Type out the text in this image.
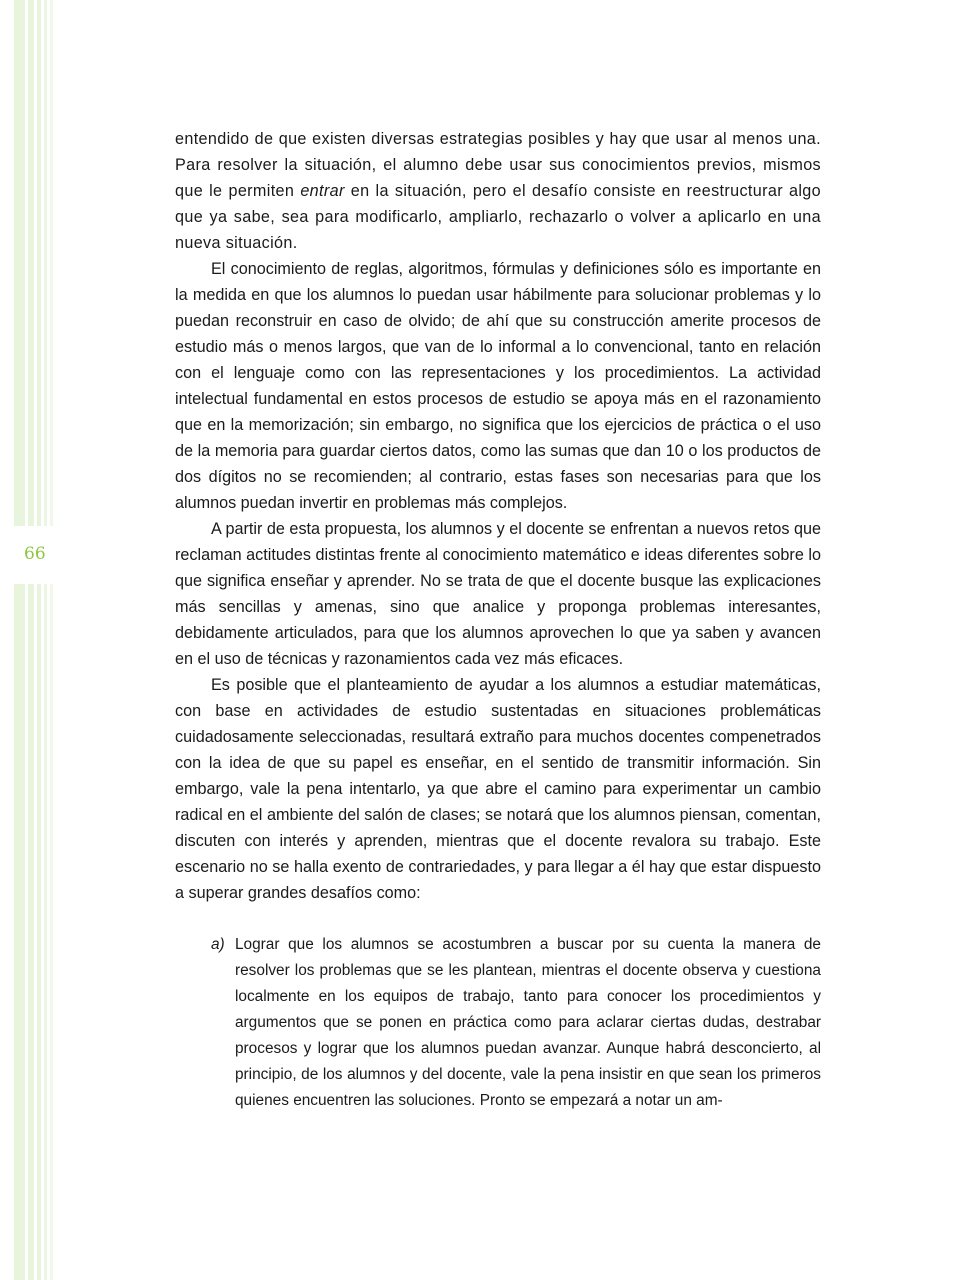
66

entendido de que existen diversas estrategias posibles y hay que usar al menos una. Para resolver la situación, el alumno debe usar sus conocimientos previos, mismos que le permiten entrar en la situación, pero el desafío consiste en reestructurar algo que ya sabe, sea para modificarlo, ampliarlo, rechazarlo o volver a aplicarlo en una nueva situación.

El conocimiento de reglas, algoritmos, fórmulas y definiciones sólo es importante en la medida en que los alumnos lo puedan usar hábilmente para solucionar problemas y lo puedan reconstruir en caso de olvido; de ahí que su construcción amerite procesos de estudio más o menos largos, que van de lo informal a lo convencional, tanto en relación con el lenguaje como con las representaciones y los procedimientos. La actividad intelectual fundamental en estos procesos de estudio se apoya más en el razonamiento que en la memorización; sin embargo, no significa que los ejercicios de práctica o el uso de la memoria para guardar ciertos datos, como las sumas que dan 10 o los productos de dos dígitos no se recomienden; al contrario, estas fases son necesarias para que los alumnos puedan invertir en problemas más complejos.

A partir de esta propuesta, los alumnos y el docente se enfrentan a nuevos retos que reclaman actitudes distintas frente al conocimiento matemático e ideas diferentes sobre lo que significa enseñar y aprender. No se trata de que el docente busque las explicaciones más sencillas y amenas, sino que analice y proponga problemas interesantes, debidamente articulados, para que los alumnos aprovechen lo que ya saben y avancen en el uso de técnicas y razonamientos cada vez más eficaces.

Es posible que el planteamiento de ayudar a los alumnos a estudiar matemáticas, con base en actividades de estudio sustentadas en situaciones problemáticas cuidadosamente seleccionadas, resultará extraño para muchos docentes compenetrados con la idea de que su papel es enseñar, en el sentido de transmitir información. Sin embargo, vale la pena intentarlo, ya que abre el camino para experimentar un cambio radical en el ambiente del salón de clases; se notará que los alumnos piensan, comentan, discuten con interés y aprenden, mientras que el docente revalora su trabajo. Este escenario no se halla exento de contrariedades, y para llegar a él hay que estar dispuesto a superar grandes desafíos como:

a) Lograr que los alumnos se acostumbren a buscar por su cuenta la manera de resolver los problemas que se les plantean, mientras el docente observa y cuestiona localmente en los equipos de trabajo, tanto para conocer los procedimientos y argumentos que se ponen en práctica como para aclarar ciertas dudas, destrabar procesos y lograr que los alumnos puedan avanzar. Aunque habrá desconcierto, al principio, de los alumnos y del docente, vale la pena insistir en que sean los primeros quienes encuentren las soluciones. Pronto se empezará a notar un am-
